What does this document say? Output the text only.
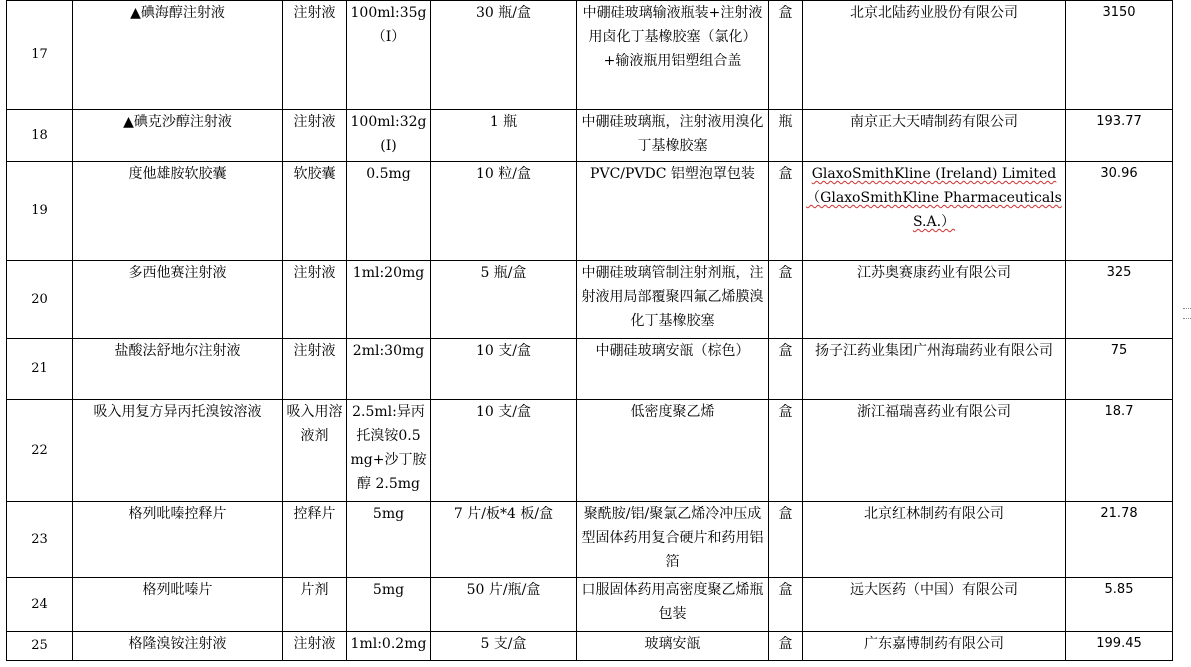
17	▲碘海醇注射液	注射液	100ml:35g（I）	30 瓶/盒	中硼硅玻璃输液瓶装+注射液用卤化丁基橡胶塞（氯化）+输液瓶用铝塑组合盖	盒	北京北陆药业股份有限公司	3150
18	▲碘克沙醇注射液	注射液	100ml:32g(Ⅰ)	1 瓶	中硼硅玻璃瓶，注射液用溴化丁基橡胶塞	瓶	南京正大天晴制药有限公司	193.77
19	度他雄胺软胶囊	软胶囊	0.5mg	10 粒/盒	PVC/PVDC 铝塑泡罩包装	盒	GlaxoSmithKline (Ireland) Limited（GlaxoSmithKline PharmaceuticalsS.A.）	30.96
20	多西他赛注射液	注射液	1ml:20mg	5 瓶/盒	中硼硅玻璃管制注射剂瓶，注射液用局部覆聚四氟乙烯膜溴化丁基橡胶塞	盒	江苏奥赛康药业有限公司	325
21	盐酸法舒地尔注射液	注射液	2ml:30mg	10 支/盒	中硼硅玻璃安瓿（棕色）	盒	扬子江药业集团广州海瑞药业有限公司	75
22	吸入用复方异丙托溴铵溶液	吸入用溶液剂	2.5ml:异丙托溴铵0.5mg+沙丁胺醇 2.5mg	10 支/盒	低密度聚乙烯	盒	浙江福瑞喜药业有限公司	18.7
23	格列吡嗪控释片	控释片	5mg	7 片/板*4 板/盒	聚酰胺/铝/聚氯乙烯冷冲压成型固体药用复合硬片和药用铝箔	盒	北京红林制药有限公司	21.78
24	格列吡嗪片	片剂	5mg	50 片/瓶/盒	口服固体药用高密度聚乙烯瓶包装	盒	远大医药（中国）有限公司	5.85
25	格隆溴铵注射液	注射液	1ml:0.2mg	5 支/盒	玻璃安瓿	盒	广东嘉博制药有限公司	199.45
